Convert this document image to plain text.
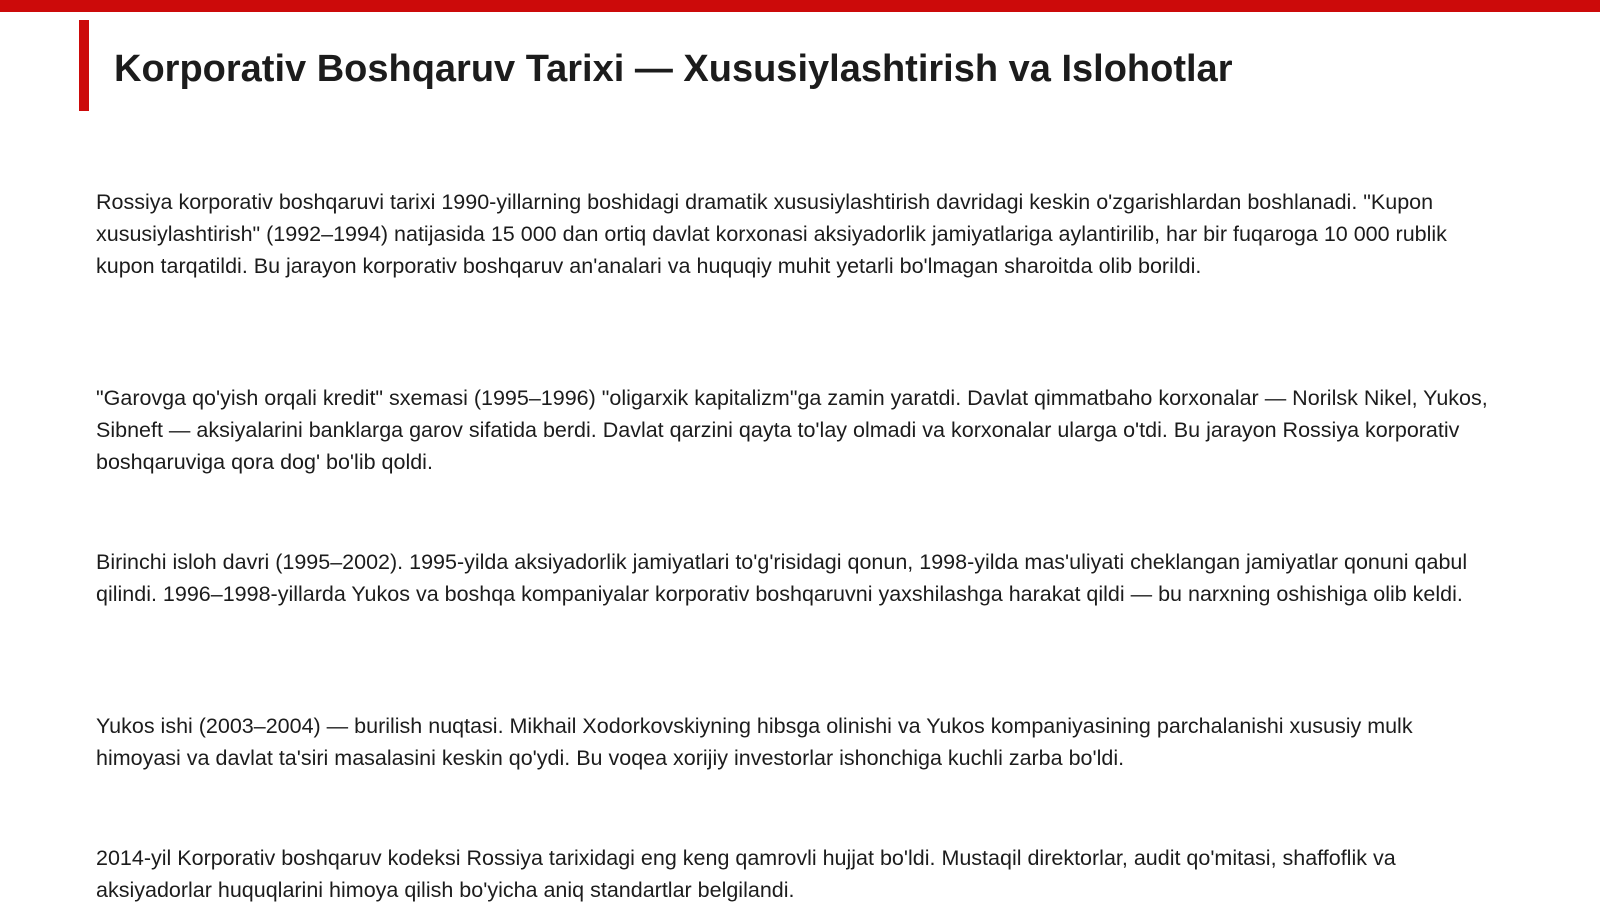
Korporativ Boshqaruv Tarixi — Xususiylashtirish va Islohotlar

Rossiya korporativ boshqaruvi tarixi 1990-yillarning boshidagi dramatik xususiylashtirish davridagi keskin o'zgarishlardan boshlanadi. "Kupon xususiylashtirish" (1992–1994) natijasida 15 000 dan ortiq davlat korxonasi aksiyadorlik jamiyatlariga aylantirilib, har bir fuqaroga 10 000 rublik kupon tarqatildi. Bu jarayon korporativ boshqaruv an'analari va huquqiy muhit yetarli bo'lmagan sharoitda olib borildi.

"Garovga qo'yish orqali kredit" sxemasi (1995–1996) "oligarxik kapitalizm"ga zamin yaratdi. Davlat qimmatbaho korxonalar — Norilsk Nikel, Yukos, Sibneft — aksiyalarini banklarga garov sifatida berdi. Davlat qarzini qayta to'lay olmadi va korxonalar ularga o'tdi. Bu jarayon Rossiya korporativ boshqaruviga qora dog' bo'lib qoldi.

Birinchi isloh davri (1995–2002). 1995-yilda aksiyadorlik jamiyatlari to'g'risidagi qonun, 1998-yilda mas'uliyati cheklangan jamiyatlar qonuni qabul qilindi. 1996–1998-yillarda Yukos va boshqa kompaniyalar korporativ boshqaruvni yaxshilashga harakat qildi — bu narxning oshishiga olib keldi.

Yukos ishi (2003–2004) — burilish nuqtasi. Mikhail Xodorkovskiyning hibsga olinishi va Yukos kompaniyasining parchalanishi xususiy mulk himoyasi va davlat ta'siri masalasini keskin qo'ydi. Bu voqea xorijiy investorlar ishonchiga kuchli zarba bo'ldi.

2014-yil Korporativ boshqaruv kodeksi Rossiya tarixidagi eng keng qamrovli hujjat bo'ldi. Mustaqil direktorlar, audit qo'mitasi, shaffoflik va aksiyadorlar huquqlarini himoya qilish bo'yicha aniq standartlar belgilandi.
